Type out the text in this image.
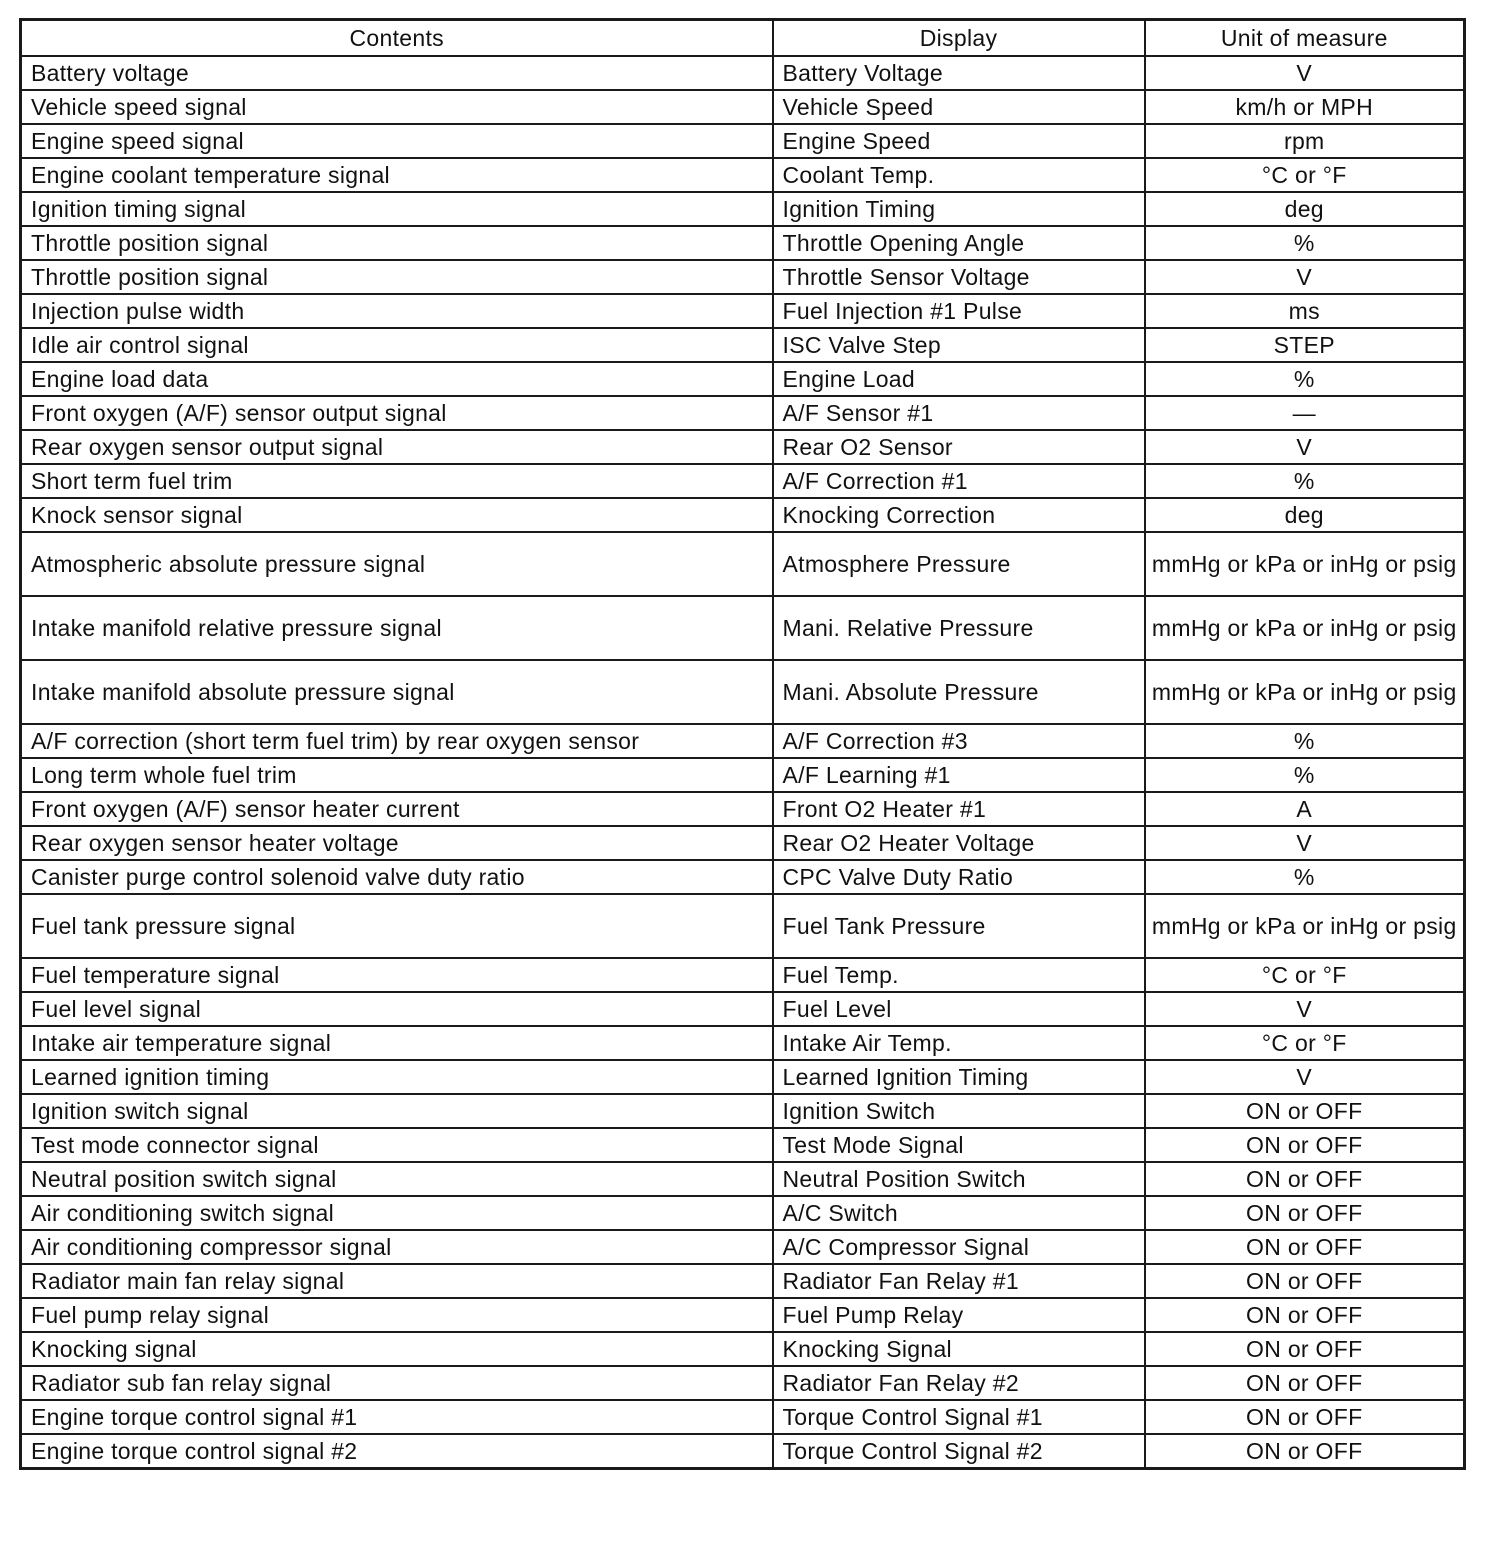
Contents	Display	Unit of measure
Battery voltage	Battery Voltage	V
Vehicle speed signal	Vehicle Speed	km/h or MPH
Engine speed signal	Engine Speed	rpm
Engine coolant temperature signal	Coolant Temp.	°C or °F
Ignition timing signal	Ignition Timing	deg
Throttle position signal	Throttle Opening Angle	%
Throttle position signal	Throttle Sensor Voltage	V
Injection pulse width	Fuel Injection #1 Pulse	ms
Idle air control signal	ISC Valve Step	STEP
Engine load data	Engine Load	%
Front oxygen (A/F) sensor output signal	A/F Sensor #1	—
Rear oxygen sensor output signal	Rear O2 Sensor	V
Short term fuel trim	A/F Correction #1	%
Knock sensor signal	Knocking Correction	deg
Atmospheric absolute pressure signal	Atmosphere Pressure	mmHg or kPa or inHg or psig
Intake manifold relative pressure signal	Mani. Relative Pressure	mmHg or kPa or inHg or psig
Intake manifold absolute pressure signal	Mani. Absolute Pressure	mmHg or kPa or inHg or psig
A/F correction (short term fuel trim) by rear oxygen sensor	A/F Correction #3	%
Long term whole fuel trim	A/F Learning #1	%
Front oxygen (A/F) sensor heater current	Front O2 Heater #1	A
Rear oxygen sensor heater voltage	Rear O2 Heater Voltage	V
Canister purge control solenoid valve duty ratio	CPC Valve Duty Ratio	%
Fuel tank pressure signal	Fuel Tank Pressure	mmHg or kPa or inHg or psig
Fuel temperature signal	Fuel Temp.	°C or °F
Fuel level signal	Fuel Level	V
Intake air temperature signal	Intake Air Temp.	°C or °F
Learned ignition timing	Learned Ignition Timing	V
Ignition switch signal	Ignition Switch	ON or OFF
Test mode connector signal	Test Mode Signal	ON or OFF
Neutral position switch signal	Neutral Position Switch	ON or OFF
Air conditioning switch signal	A/C Switch	ON or OFF
Air conditioning compressor signal	A/C Compressor Signal	ON or OFF
Radiator main fan relay signal	Radiator Fan Relay #1	ON or OFF
Fuel pump relay signal	Fuel Pump Relay	ON or OFF
Knocking signal	Knocking Signal	ON or OFF
Radiator sub fan relay signal	Radiator Fan Relay #2	ON or OFF
Engine torque control signal #1	Torque Control Signal #1	ON or OFF
Engine torque control signal #2	Torque Control Signal #2	ON or OFF
